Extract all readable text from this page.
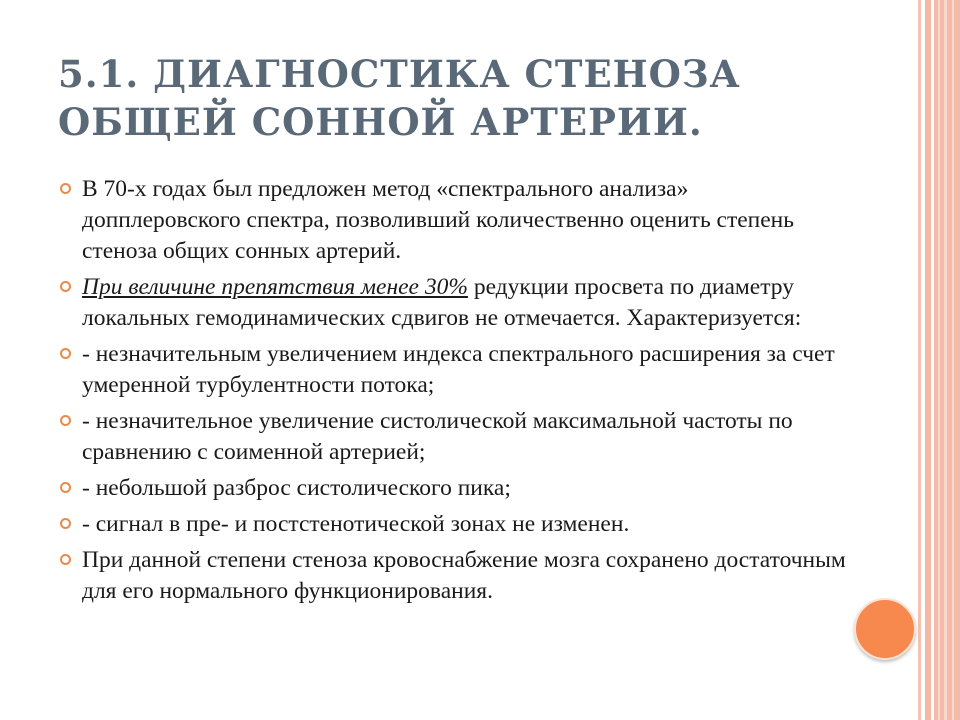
5.1. ДИАГНОСТИКА СТЕНОЗА
ОБЩЕЙ СОННОЙ АРТЕРИИ.
В 70-х годах был предложен метод «спектрального анализа» допплеровского спектра, позволивший количественно оценить степень стеноза общих сонных артерий.
При величине препятствия менее 30% редукции просвета по диаметру локальных гемодинамических сдвигов не отмечается. Характеризуется:
- незначительным увеличением индекса спектрального расширения за счет умеренной турбулентности потока;
- незначительное увеличение систолической максимальной частоты по сравнению с соименной артерией;
- небольшой разброс систолического пика;
- сигнал в пре- и постстенотической зонах не изменен.
При данной степени стеноза кровоснабжение мозга сохранено достаточным для его нормального функционирования.
